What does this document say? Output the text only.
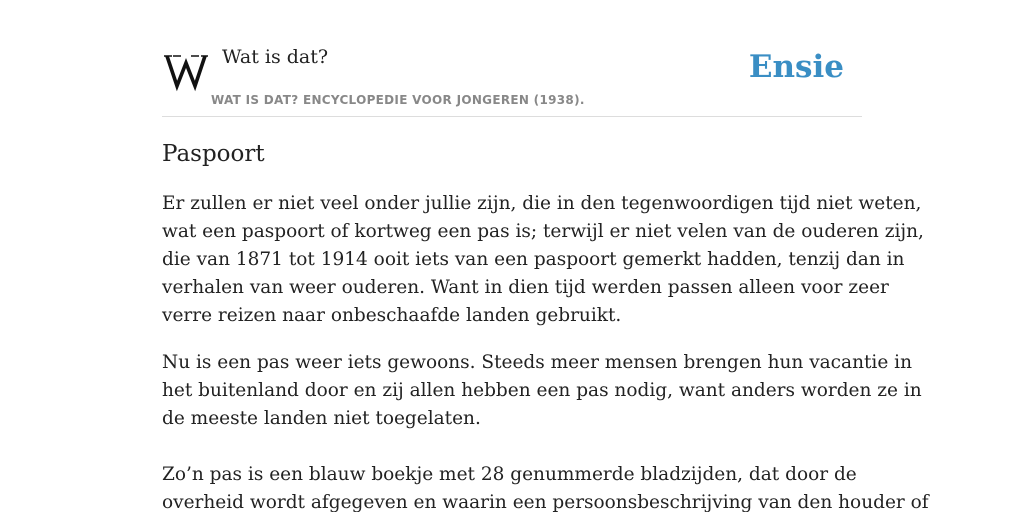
Wat is dat?
WAT IS DAT? ENCYCLOPEDIE VOOR JONGEREN (1938).
Ensie
Paspoort

Er zullen er niet veel onder jullie zijn, die in den tegenwoordigen tijd niet weten,
wat een paspoort of kortweg een pas is; terwijl er niet velen van de ouderen zijn,
die van 1871 tot 1914 ooit iets van een paspoort gemerkt hadden, tenzij dan in
verhalen van weer ouderen. Want in dien tijd werden passen alleen voor zeer
verre reizen naar onbeschaafde landen gebruikt.

Nu is een pas weer iets gewoons. Steeds meer mensen brengen hun vacantie in
het buitenland door en zij allen hebben een pas nodig, want anders worden ze in
de meeste landen niet toegelaten.

Zo’n pas is een blauw boekje met 28 genummerde bladzijden, dat door de
overheid wordt afgegeven en waarin een persoonsbeschrijving van den houder of
